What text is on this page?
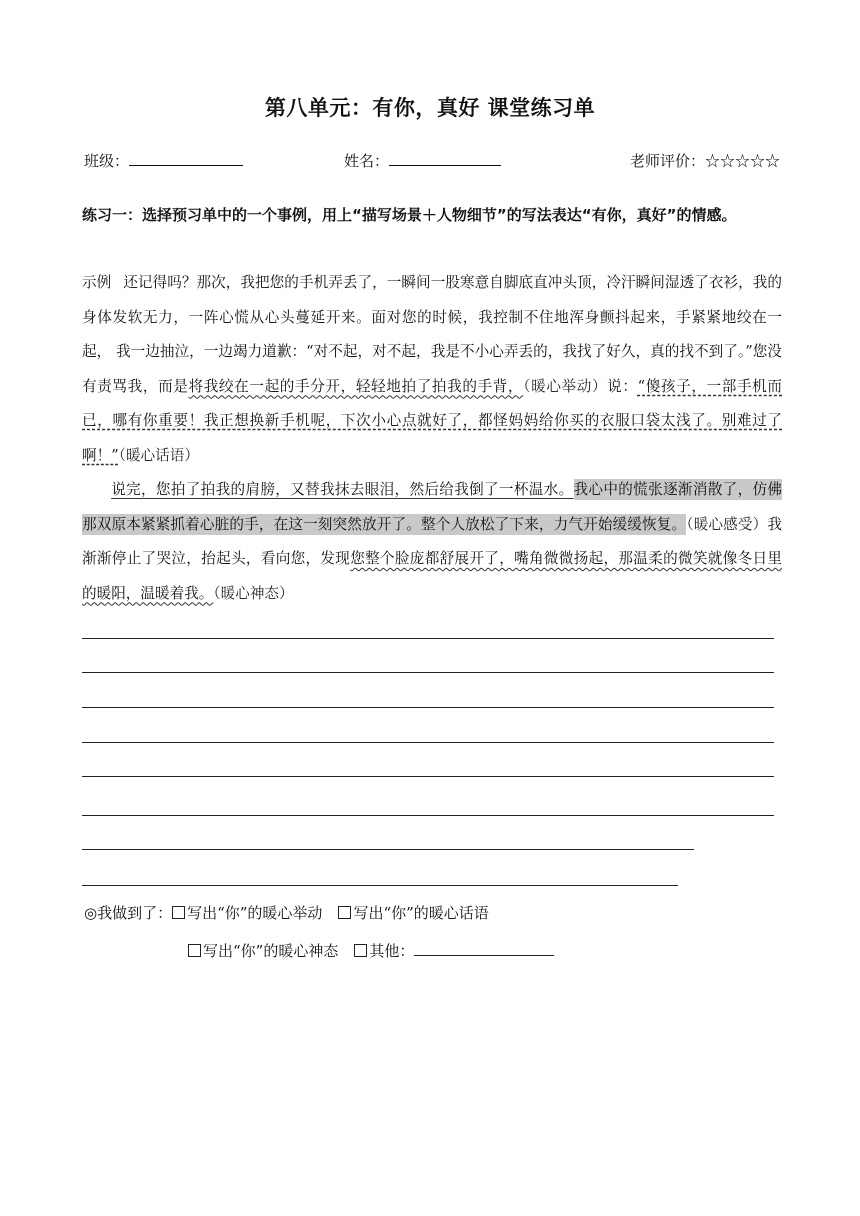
第八单元：有你，真好 课堂练习单
班级：	姓名：	老师评价：☆☆☆☆☆
练习一：选择预习单中的一个事例，用上“描写场景＋人物细节”的写法表达“有你，真好”的情感。

示例 还记得吗？那次，我把您的手机弄丢了，一瞬间一股寒意自脚底直冲头顶，冷汗瞬间湿透了衣衫，我的身体发软无力，一阵心慌从心头蔓延开来。面对您的时候，我控制不住地浑身颤抖起来，手紧紧地绞在一起， 我一边抽泣，一边竭力道歉：“对不起，对不起，我是不小心弄丢的，我找了好久，真的找不到了。”您没有责骂我，而是将我绞在一起的手分开，轻轻地拍了拍我的手背，（暖心举动）说：“傻孩子，一部手机而已，哪有你重要！我正想换新手机呢，下次小心点就好了，都怪妈妈给你买的衣服口袋太浅了。别难过了啊！”（暖心话语）

说完，您拍了拍我的肩膀，又替我抹去眼泪，然后给我倒了一杯温水。我心中的慌张逐渐消散了，仿佛那双原本紧紧抓着心脏的手，在这一刻突然放开了。整个人放松了下来，力气开始缓缓恢复。（暖心感受）我渐渐停止了哭泣，抬起头，看向您，发现您整个脸庞都舒展开了，嘴角微微扬起，那温柔的微笑就像冬日里的暖阳，温暖着我。（暖心神态）

◎我做到了： 写出“你”的暖心举动 写出“你”的暖心话语
写出“你”的暖心神态 其他：
